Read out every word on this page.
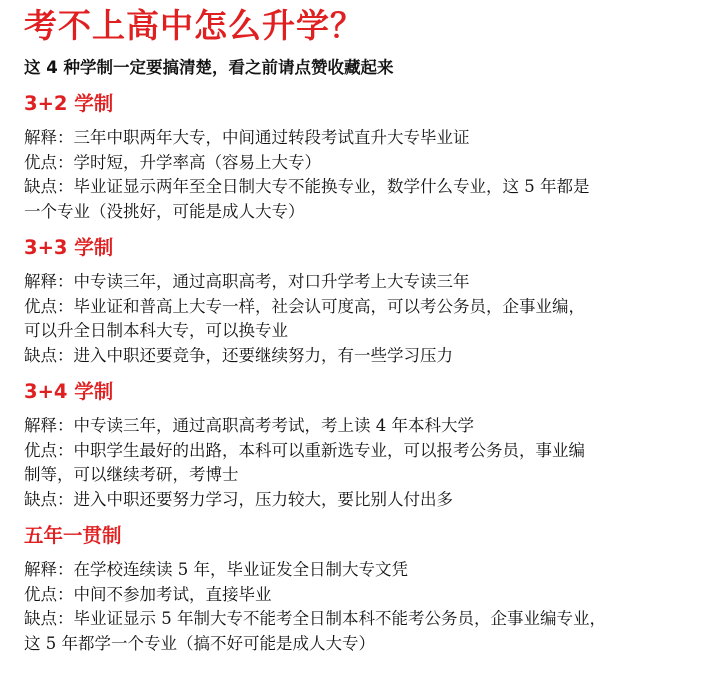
考不上高中怎么升学？

这 4 种学制一定要搞清楚，看之前请点赞收藏起来

3+2 学制

解释：三年中职两年大专，中间通过转段考试直升大专毕业证

优点：学时短，升学率高（容易上大专）

缺点：毕业证显示两年至全日制大专不能换专业，数学什么专业，这 5 年都是

一个专业（没挑好，可能是成人大专）

3+3 学制

解释：中专读三年，通过高职高考，对口升学考上大专读三年

优点：毕业证和普高上大专一样，社会认可度高，可以考公务员，企事业编，

可以升全日制本科大专，可以换专业

缺点：进入中职还要竞争，还要继续努力，有一些学习压力

3+4 学制

解释：中专读三年，通过高职高考考试，考上读 4 年本科大学

优点：中职学生最好的出路，本科可以重新选专业，可以报考公务员，事业编

制等，可以继续考研，考博士

缺点：进入中职还要努力学习，压力较大，要比别人付出多

五年一贯制

解释：在学校连续读 5 年，毕业证发全日制大专文凭

优点：中间不参加考试，直接毕业

缺点：毕业证显示 5 年制大专不能考全日制本科不能考公务员，企事业编专业，

这 5 年都学一个专业（搞不好可能是成人大专）
